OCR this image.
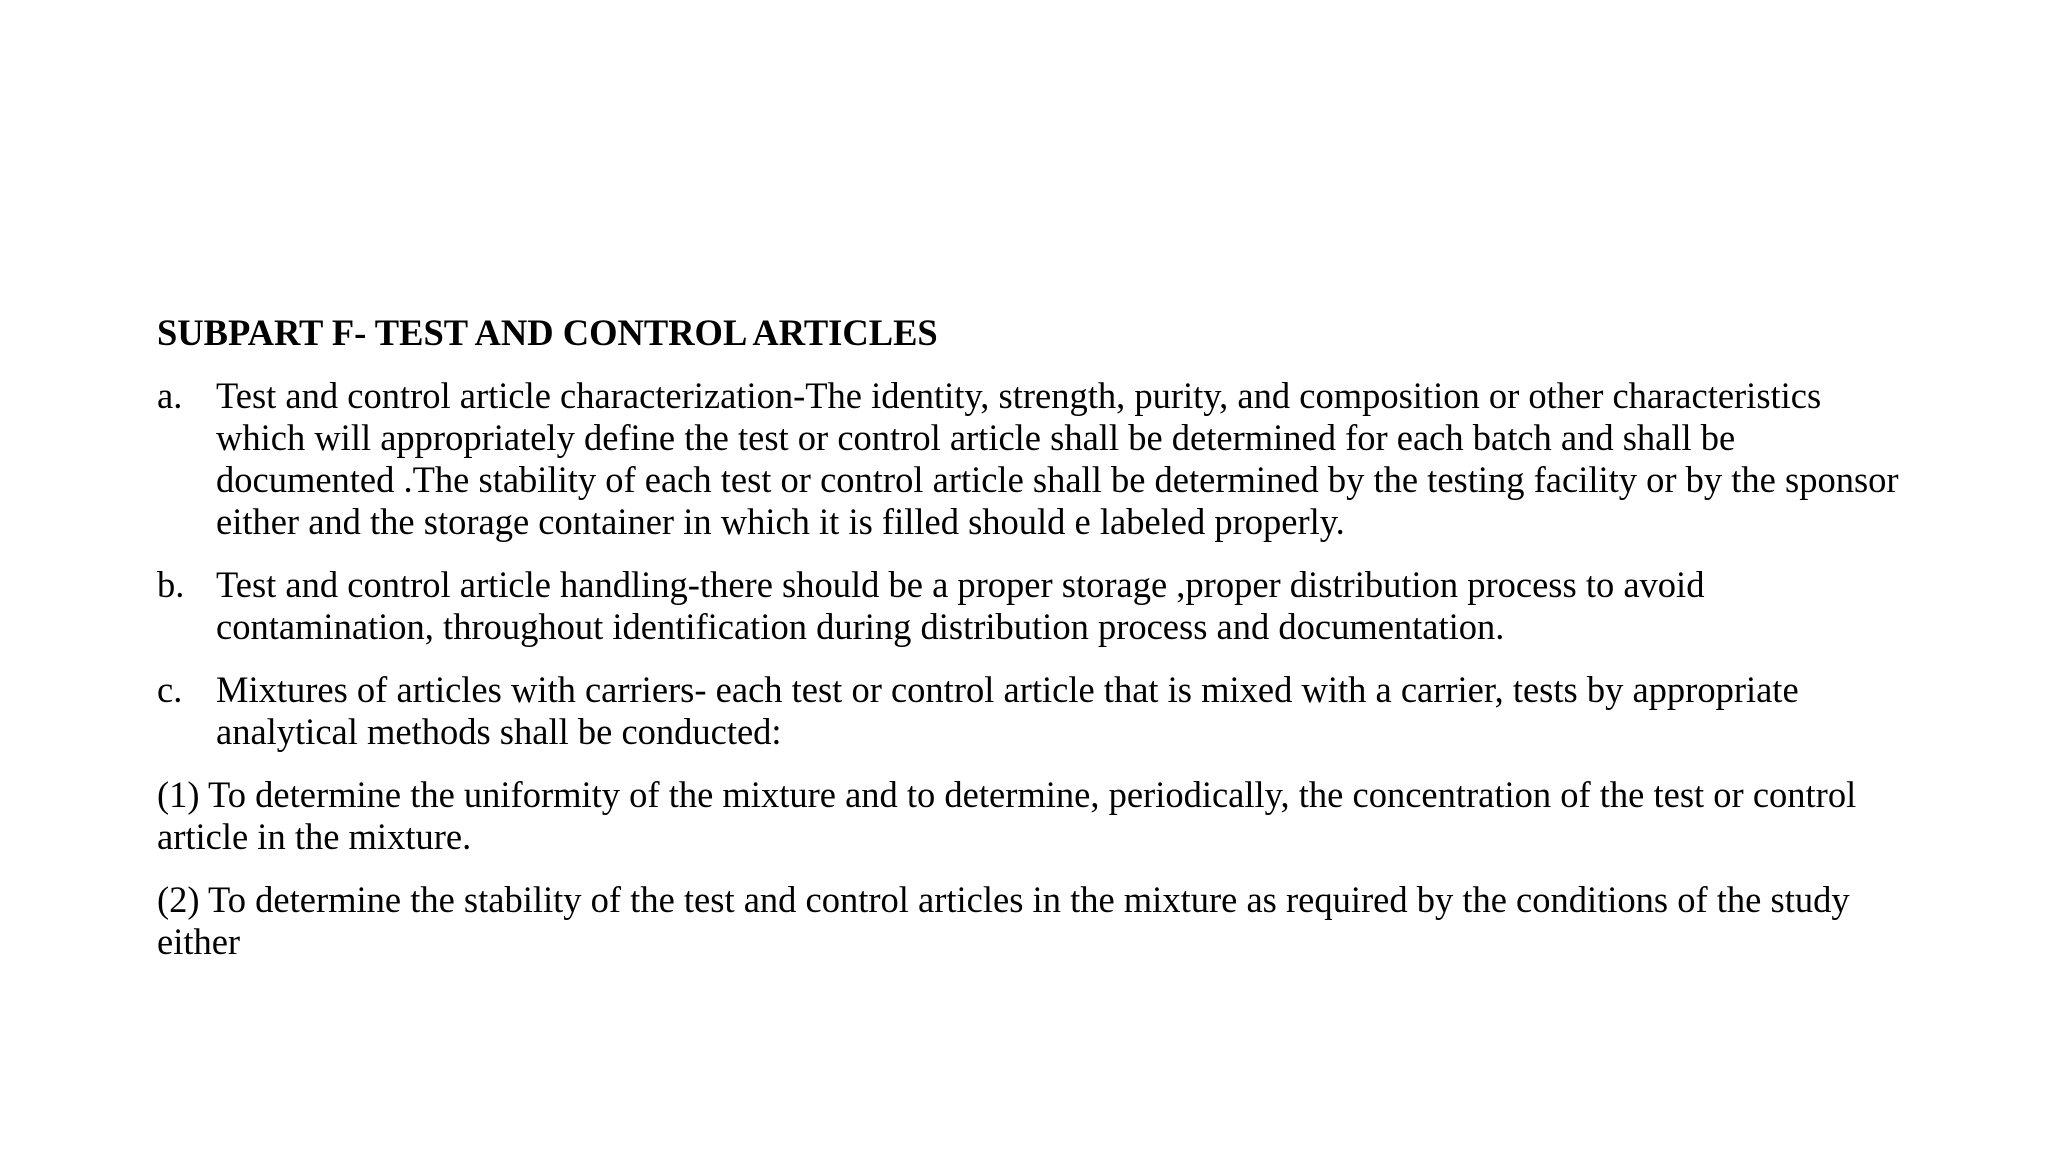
SUBPART F- TEST AND CONTROL ARTICLES
a. Test and control article characterization-The identity, strength, purity, and composition or other characteristics which will appropriately define the test or control article shall be determined for each batch and shall be documented .The stability of each test or control article shall be determined by the testing facility or by the sponsor either and the storage container in which it is filled should e labeled properly.
b. Test and control article handling-there should be a proper storage ,proper distribution process to avoid contamination, throughout identification during distribution process and documentation.
c. Mixtures of articles with carriers- each test or control article that is mixed with a carrier, tests by appropriate analytical methods shall be conducted:
(1) To determine the uniformity of the mixture and to determine, periodically, the concentration of the test or control article in the mixture.
(2) To determine the stability of the test and control articles in the mixture as required by the conditions of the study either
